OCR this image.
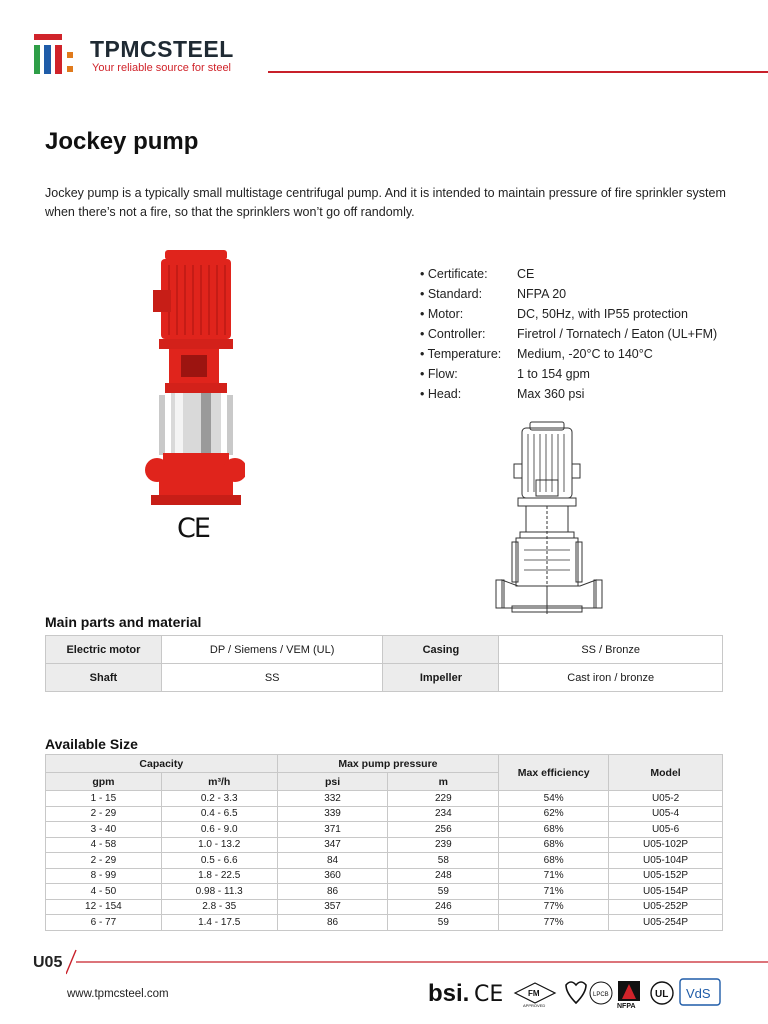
TPMCSTEEL
Your reliable source for steel
Jockey pump

Jockey pump is a typically small multistage centrifugal pump. And it is intended to maintain pressure of fire sprinkler system when there’s not a fire, so that the sprinklers won’t go off randomly.

CE
• Certificate:	CE
• Standard:	NFPA 20
• Motor:	DC, 50Hz, with IP55 protection
• Controller:	Firetrol / Tornatech / Eaton (UL+FM)
• Temperature:	Medium, -20°C to 140°C
• Flow:	1 to 154 gpm
• Head:	Max 360 psi
Main parts and material
Electric motor	DP / Siemens / VEM (UL)	Casing	SS / Bronze
Shaft	SS	Impeller	Cast iron / bronze
Available Size
Capacity		Max pump pressure		Max efficiency	Model
gpm	m³/h	psi	m		
1 - 15	0.2 - 3.3	332	229	54%	U05-2
2 - 29	0.4 - 6.5	339	234	62%	U05-4
3 - 40	0.6 - 9.0	371	256	68%	U05-6
4 - 58	1.0 - 13.2	347	239	68%	U05-102P
2 - 29	0.5 - 6.6	84	58	68%	U05-104P
8 - 99	1.8 - 22.5	360	248	71%	U05-152P
4 - 50	0.98 - 11.3	86	59	71%	U05-154P
12 - 154	2.8 - 35	357	246	77%	U05-252P
6 - 77	1.4 - 17.5	86	59	77%	U05-254P
U05
www.tpmcsteel.com	bsi. CE	FM
APPROVED
LPCB
NFPA
UL VdS
